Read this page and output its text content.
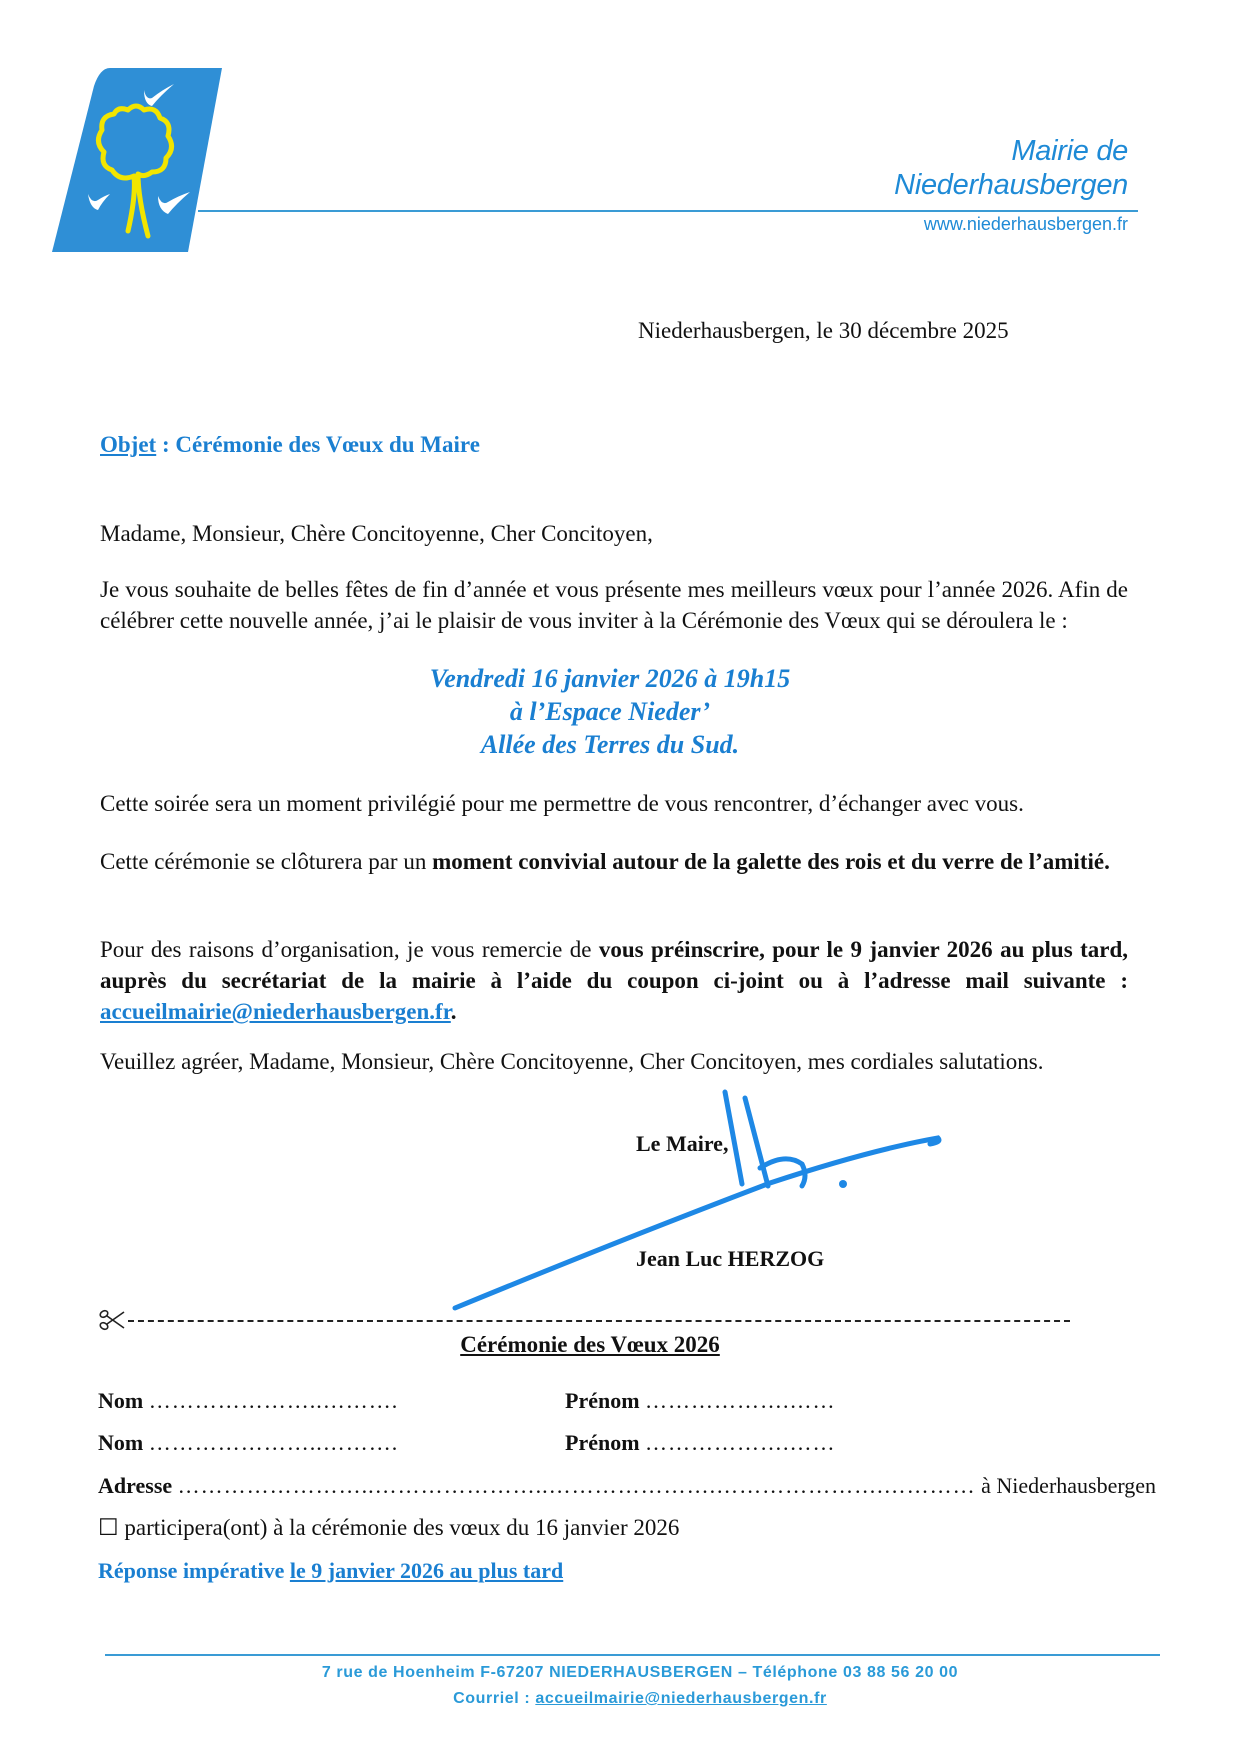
Mairie de
Niederhausbergen
www.niederhausbergen.fr
Niederhausbergen, le 30 décembre 2025
Objet : Cérémonie des Vœux du Maire
Madame, Monsieur, Chère Concitoyenne, Cher Concitoyen,
Je vous souhaite de belles fêtes de fin d’année et vous présente mes meilleurs vœux pour l’année 2026. Afin de célébrer cette nouvelle année, j’ai le plaisir de vous inviter à la Cérémonie des Vœux qui se déroulera le :
Vendredi 16 janvier 2026 à 19h15
à l’Espace Nieder’
Allée des Terres du Sud.
Cette soirée sera un moment privilégié pour me permettre de vous rencontrer, d’échanger avec vous.
Cette cérémonie se clôturera par un moment convivial autour de la galette des rois et du verre de l’amitié.
Pour des raisons d’organisation, je vous remercie de vous préinscrire, pour le 9 janvier 2026 au plus tard, auprès du secrétariat de la mairie à l’aide du coupon ci-joint ou à l’adresse mail suivante : accueilmairie@niederhausbergen.fr.
Veuillez agréer, Madame, Monsieur, Chère Concitoyenne, Cher Concitoyen, mes cordiales salutations.
Le Maire,
Jean Luc HERZOG
Cérémonie des Vœux 2026
Nom …………………..……….	Prénom ……………….……
Nom …………………..……….	Prénom ……………….……
Adresse ……………………..…………………..………………….………………….………… à Niederhausbergen
☐ participera(ont) à la cérémonie des vœux du 16 janvier 2026
Réponse impérative le 9 janvier 2026 au plus tard
7 rue de Hoenheim F-67207 NIEDERHAUSBERGEN – Téléphone 03 88 56 20 00
Courriel : accueilmairie@niederhausbergen.fr
